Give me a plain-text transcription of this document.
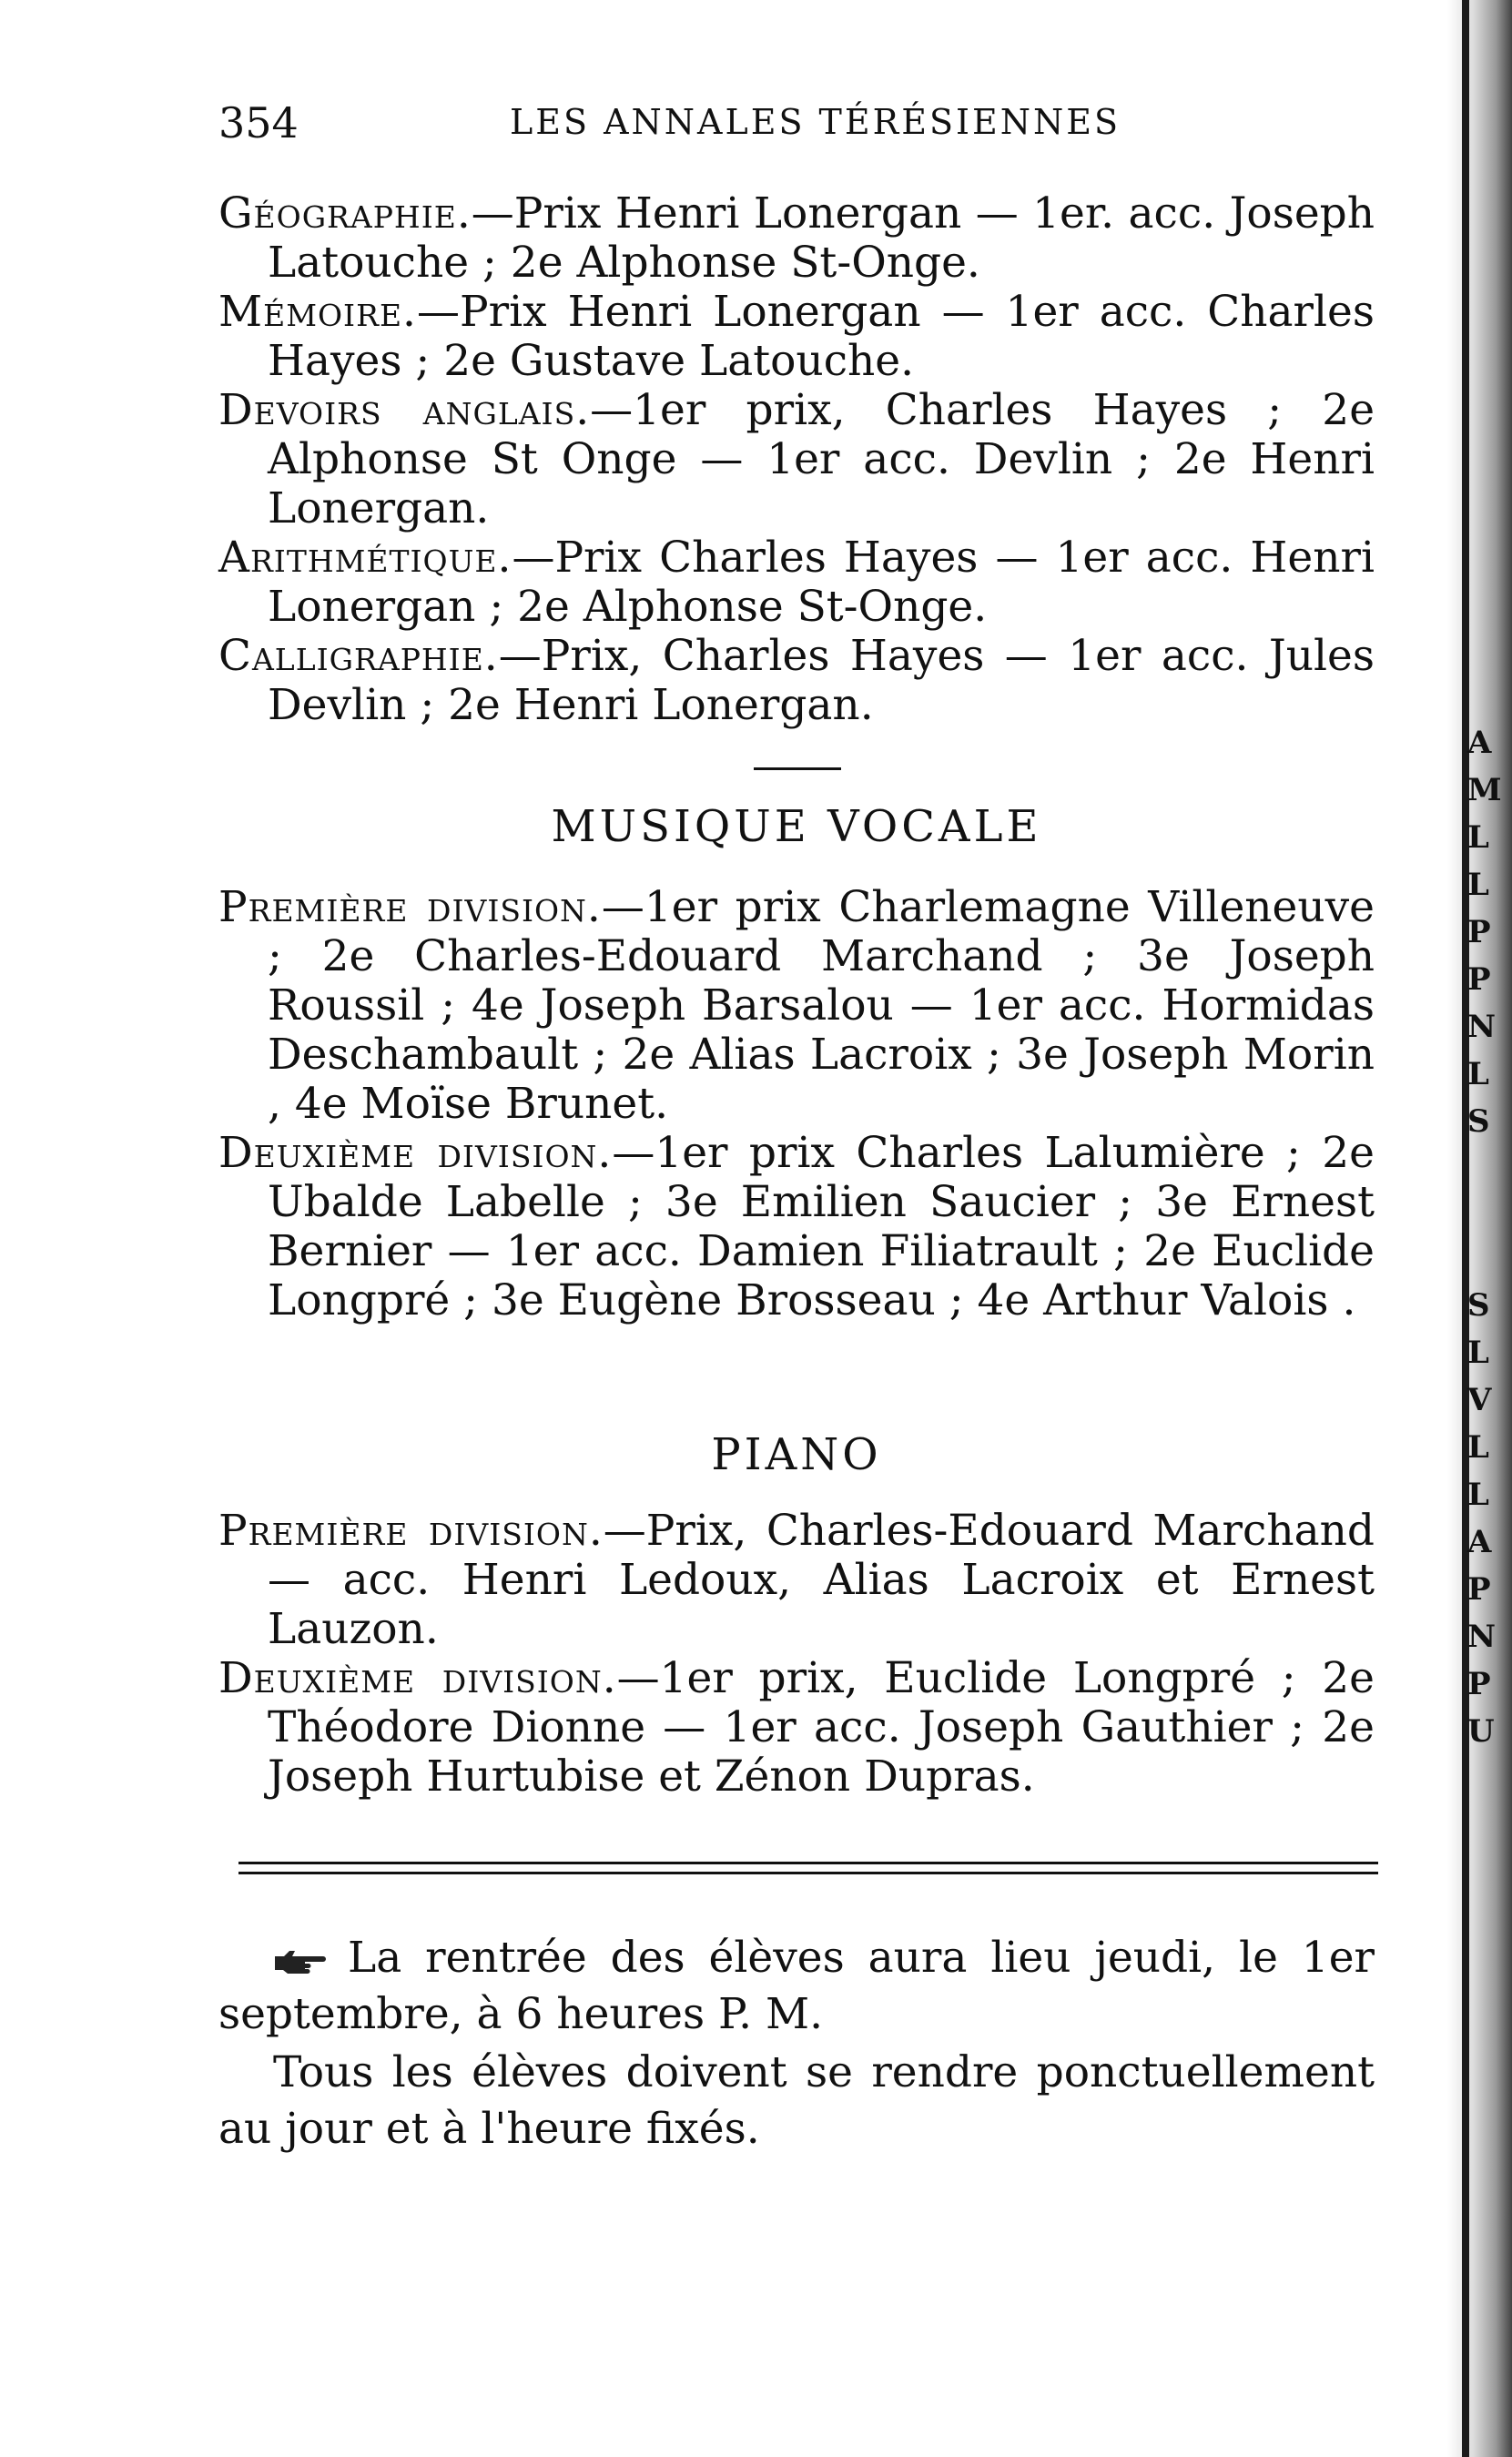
354	LES ANNALES TÉRÉSIENNES

Géographie.—Prix Henri Lonergan — 1er. acc. Joseph Latouche ; 2e Alphonse St-Onge.

Mémoire.—Prix Henri Lonergan — 1er acc. Charles Hayes ; 2e Gustave Latouche.

Devoirs anglais.—1er prix, Charles Hayes ; 2e Alphonse St Onge — 1er acc. Devlin ; 2e Henri Lonergan.

Arithmétique.—Prix Charles Hayes — 1er acc. Henri Lonergan ; 2e Alphonse St-Onge.

Calligraphie.—Prix, Charles Hayes — 1er acc. Jules Devlin ; 2e Henri Lonergan.

MUSIQUE VOCALE

Première division.—1er prix Charlemagne Villeneuve ; 2e Charles-Edouard Marchand ; 3e Joseph Roussil ; 4e Joseph Barsalou — 1er acc. Hormidas Deschambault ; 2e Alias Lacroix ; 3e Joseph Morin , 4e Moïse Brunet.

Deuxième division.—1er prix Charles Lalumière ; 2e Ubalde Labelle ; 3e Emilien Saucier ; 3e Ernest Bernier — 1er acc. Damien Filiatrault ; 2e Euclide Longpré ; 3e Eugène Brosseau ; 4e Arthur Valois .

PIANO

Première division.—Prix, Charles-Edouard Marchand — acc. Henri Ledoux, Alias Lacroix et Ernest Lauzon.

Deuxième division.—1er prix, Euclide Longpré ; 2e Théodore Dionne — 1er acc. Joseph Gauthier ; 2e Joseph Hurtubise et Zénon Dupras.

La rentrée des élèves aura lieu jeudi, le 1er septembre, à 6 heures P. M.

Tous les élèves doivent se rendre ponctuellement au jour et à l'heure fixés.

A
M
L
L
P
P
N
L
S
S
L
V
L
L
A
P
N
P
U
